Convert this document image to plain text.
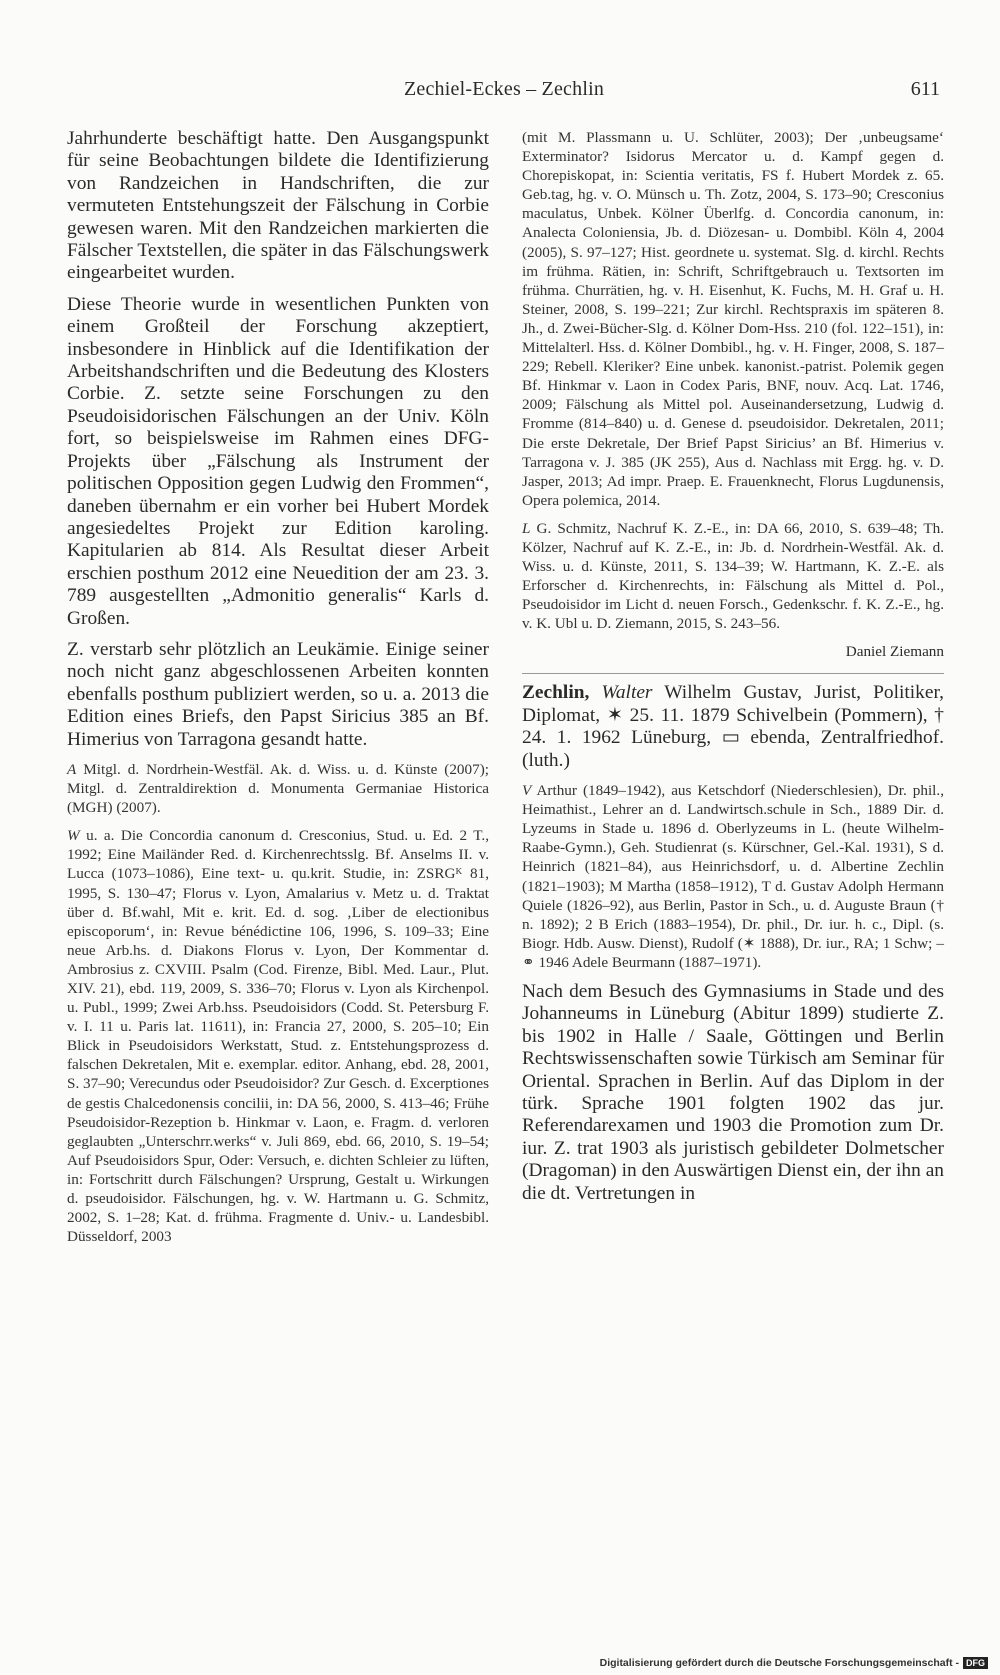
Zechiel-Eckes – Zechlin	611

Jahrhunderte beschäftigt hatte. Den Ausgangspunkt für seine Beobachtungen bildete die Identifizierung von Randzeichen in Handschriften, die zur vermuteten Entstehungszeit der Fälschung in Corbie gewesen waren. Mit den Randzeichen markierten die Fälscher Textstellen, die später in das Fälschungswerk eingearbeitet wurden.

Diese Theorie wurde in wesentlichen Punkten von einem Großteil der Forschung akzeptiert, insbesondere in Hinblick auf die Identifikation der Arbeitshandschriften und die Bedeutung des Klosters Corbie. Z. setzte seine Forschungen zu den Pseudoisidorischen Fälschungen an der Univ. Köln fort, so beispielsweise im Rahmen eines DFG-Projekts über „Fälschung als Instrument der politischen Opposition gegen Ludwig den Frommen“, daneben übernahm er ein vorher bei Hubert Mordek angesiedeltes Projekt zur Edition karoling. Kapitularien ab 814. Als Resultat dieser Arbeit erschien posthum 2012 eine Neuedition der am 23. 3. 789 ausgestellten „Admonitio generalis“ Karls d. Großen.

Z. verstarb sehr plötzlich an Leukämie. Einige seiner noch nicht ganz abgeschlossenen Arbeiten konnten ebenfalls posthum publiziert werden, so u. a. 2013 die Edition eines Briefs, den Papst Siricius 385 an Bf. Himerius von Tarragona gesandt hatte.

A Mitgl. d. Nordrhein-Westfäl. Ak. d. Wiss. u. d. Künste (2007); Mitgl. d. Zentraldirektion d. Monumenta Germaniae Historica (MGH) (2007).

W u. a. Die Concordia canonum d. Cresconius, Stud. u. Ed. 2 T., 1992; Eine Mailänder Red. d. Kirchenrechtsslg. Bf. Anselms II. v. Lucca (1073–1086), Eine text- u. qu.krit. Studie, in: ZSRGᴷ 81, 1995, S. 130–47; Florus v. Lyon, Amalarius v. Metz u. d. Traktat über d. Bf.wahl, Mit e. krit. Ed. d. sog. ‚Liber de electionibus episcoporum‘, in: Revue bénédictine 106, 1996, S. 109–33; Eine neue Arb.hs. d. Diakons Florus v. Lyon, Der Kommentar d. Ambrosius z. CXVIII. Psalm (Cod. Firenze, Bibl. Med. Laur., Plut. XIV. 21), ebd. 119, 2009, S. 336–70; Florus v. Lyon als Kirchenpol. u. Publ., 1999; Zwei Arb.hss. Pseudoisidors (Codd. St. Petersburg F. v. I. 11 u. Paris lat. 11611), in: Francia 27, 2000, S. 205–10; Ein Blick in Pseudoisidors Werkstatt, Stud. z. Entstehungsprozess d. falschen Dekretalen, Mit e. exemplar. editor. Anhang, ebd. 28, 2001, S. 37–90; Verecundus oder Pseudoisidor? Zur Gesch. d. Excerptiones de gestis Chalcedonensis concilii, in: DA 56, 2000, S. 413–46; Frühe Pseudoisidor-Rezeption b. Hinkmar v. Laon, e. Fragm. d. verloren geglaubten „Unterschrr.werks“ v. Juli 869, ebd. 66, 2010, S. 19–54; Auf Pseudoisidors Spur, Oder: Versuch, e. dichten Schleier zu lüften, in: Fortschritt durch Fälschungen? Ursprung, Gestalt u. Wirkungen d. pseudoisidor. Fälschungen, hg. v. W. Hartmann u. G. Schmitz, 2002, S. 1–28; Kat. d. frühma. Fragmente d. Univ.- u. Landesbibl. Düsseldorf, 2003

(mit M. Plassmann u. U. Schlüter, 2003); Der ‚unbeugsame‘ Exterminator? Isidorus Mercator u. d. Kampf gegen d. Chorepiskopat, in: Scientia veritatis, FS f. Hubert Mordek z. 65. Geb.tag, hg. v. O. Münsch u. Th. Zotz, 2004, S. 173–90; Cresconius maculatus, Unbek. Kölner Überlfg. d. Concordia canonum, in: Analecta Coloniensia, Jb. d. Diözesan- u. Dombibl. Köln 4, 2004 (2005), S. 97–127; Hist. geordnete u. systemat. Slg. d. kirchl. Rechts im frühma. Rätien, in: Schrift, Schriftgebrauch u. Textsorten im frühma. Churrätien, hg. v. H. Eisenhut, K. Fuchs, M. H. Graf u. H. Steiner, 2008, S. 199–221; Zur kirchl. Rechtspraxis im späteren 8. Jh., d. Zwei-Bücher-Slg. d. Kölner Dom-Hss. 210 (fol. 122–151), in: Mittelalterl. Hss. d. Kölner Dombibl., hg. v. H. Finger, 2008, S. 187–229; Rebell. Kleriker? Eine unbek. kanonist.-patrist. Polemik gegen Bf. Hinkmar v. Laon in Codex Paris, BNF, nouv. Acq. Lat. 1746, 2009; Fälschung als Mittel pol. Auseinandersetzung, Ludwig d. Fromme (814–840) u. d. Genese d. pseudoisidor. Dekretalen, 2011; Die erste Dekretale, Der Brief Papst Siricius’ an Bf. Himerius v. Tarragona v. J. 385 (JK 255), Aus d. Nachlass mit Ergg. hg. v. D. Jasper, 2013; Ad impr. Praep. E. Frauenknecht, Florus Lugdunensis, Opera polemica, 2014.

L G. Schmitz, Nachruf K. Z.-E., in: DA 66, 2010, S. 639–48; Th. Kölzer, Nachruf auf K. Z.-E., in: Jb. d. Nordrhein-Westfäl. Ak. d. Wiss. u. d. Künste, 2011, S. 134–39; W. Hartmann, K. Z.-E. als Erforscher d. Kirchenrechts, in: Fälschung als Mittel d. Pol., Pseudoisidor im Licht d. neuen Forsch., Gedenkschr. f. K. Z.-E., hg. v. K. Ubl u. D. Ziemann, 2015, S. 243–56.

Daniel Ziemann

Zechlin, Walter Wilhelm Gustav, Jurist, Politiker, Diplomat, ✶ 25. 11. 1879 Schivelbein (Pommern), † 24. 1. 1962 Lüneburg, ▭ ebenda, Zentralfriedhof. (luth.)

V Arthur (1849–1942), aus Ketschdorf (Niederschlesien), Dr. phil., Heimathist., Lehrer an d. Landwirtsch.schule in Sch., 1889 Dir. d. Lyzeums in Stade u. 1896 d. Oberlyzeums in L. (heute Wilhelm-Raabe-Gymn.), Geh. Studienrat (s. Kürschner, Gel.-Kal. 1931), S d. Heinrich (1821–84), aus Heinrichsdorf, u. d. Albertine Zechlin (1821–1903); M Martha (1858–1912), T d. Gustav Adolph Hermann Quiele (1826–92), aus Berlin, Pastor in Sch., u. d. Auguste Braun († n. 1892); 2 B Erich (1883–1954), Dr. phil., Dr. iur. h. c., Dipl. (s. Biogr. Hdb. Ausw. Dienst), Rudolf (✶ 1888), Dr. iur., RA; 1 Schw; – ⚭ 1946 Adele Beurmann (1887–1971).

Nach dem Besuch des Gymnasiums in Stade und des Johanneums in Lüneburg (Abitur 1899) studierte Z. bis 1902 in Halle / Saale, Göttingen und Berlin Rechtswissenschaften sowie Türkisch am Seminar für Oriental. Sprachen in Berlin. Auf das Diplom in der türk. Sprache 1901 folgten 1902 das jur. Referendarexamen und 1903 die Promotion zum Dr. iur. Z. trat 1903 als juristisch gebildeter Dolmetscher (Dragoman) in den Auswärtigen Dienst ein, der ihn an die dt. Vertretungen in

Digitalisierung gefördert durch die Deutsche Forschungsgemeinschaft - DFG
